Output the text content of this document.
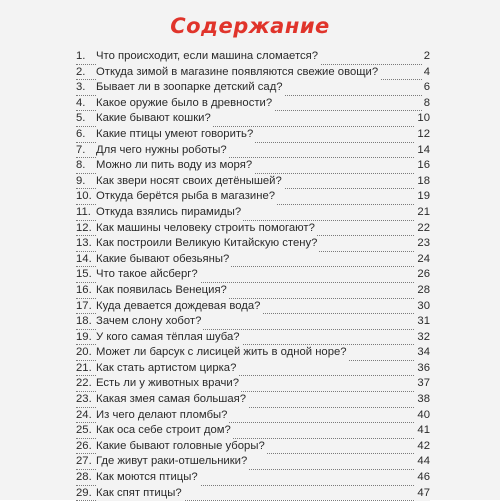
Содержание
1. Что происходит, если машина сломается?	2
2. Откуда зимой в магазине появляются свежие овощи?	4
3. Бывает ли в зоопарке детский сад?	6
4. Какое оружие было в древности?	8
5. Какие бывают кошки?	10
6. Какие птицы умеют говорить?	12
7. Для чего нужны роботы?	14
8. Можно ли пить воду из моря?	16
9. Как звери носят своих детёнышей?	18
10. Откуда берётся рыба в магазине?	19
11. Откуда взялись пирамиды?	21
12. Как машины человеку строить помогают?	22
13. Как построили Великую Китайскую стену?	23
14. Какие бывают обезьяны?	24
15. Что такое айсберг?	26
16. Как появилась Венеция?	28
17. Куда девается дождевая вода?	30
18. Зачем слону хобот?	31
19. У кого самая тёплая шуба?	32
20. Может ли барсук с лисицей жить в одной норе?	34
21. Как стать артистом цирка?	36
22. Есть ли у животных врачи?	37
23. Какая змея самая большая?	38
24. Из чего делают пломбы?	40
25. Как оса себе строит дом?	41
26. Какие бывают головные уборы?	42
27. Где живут раки-отшельники?	44
28. Как моются птицы?	46
29. Как спят птицы?	47
